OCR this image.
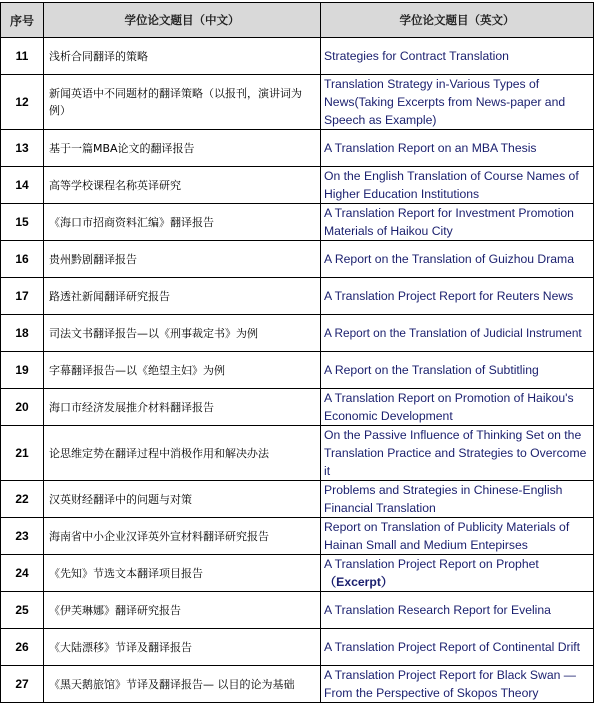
序号	学位论文题目（中文）	学位论文题目（英文）
11	浅析合同翻译的策略	Strategies for Contract Translation
12	新闻英语中不同题材的翻译策略（以报刊，演讲词为例）	Translation Strategy in-Various Types of News(Taking Excerpts from News-paper and Speech as Example)
13	基于一篇MBA论文的翻译报告	A Translation Report on an MBA Thesis
14	高等学校课程名称英译研究	On the English Translation of Course Names of Higher Education Institutions
15	《海口市招商资料汇编》翻译报告	A Translation Report for Investment Promotion Materials of Haikou City
16	贵州黔剧翻译报告	A Report on the Translation of Guizhou Drama
17	路透社新闻翻译研究报告	A Translation Project Report for Reuters News
18	司法文书翻译报告—以《刑事裁定书》为例	A Report on the Translation of Judicial Instrument
19	字幕翻译报告—以《绝望主妇》为例	A Report on the Translation of Subtitling
20	海口市经济发展推介材料翻译报告	A Translation Report on Promotion of Haikou's Economic Development
21	论思维定势在翻译过程中消极作用和解决办法	On the Passive Influence of Thinking Set on the Translation Practice and Strategies to Overcome it
22	汉英财经翻译中的问题与对策	Problems and Strategies in Chinese-English Financial Translation
23	海南省中小企业汉译英外宣材料翻译研究报告	Report on Translation of Publicity Materials of Hainan Small and Medium Entepirses
24	《先知》节选文本翻译项目报告	A Translation Project Report on Prophet
（Excerpt）
25	《伊芙琳娜》翻译研究报告	A Translation Research Report for Evelina
26	《大陆漂移》节译及翻译报告	A Translation Project Report of Continental Drift
27	《黑天鹅旅馆》节译及翻译报告— 以目的论为基础	A Translation Project Report for Black Swan — From the Perspective of Skopos Theory
